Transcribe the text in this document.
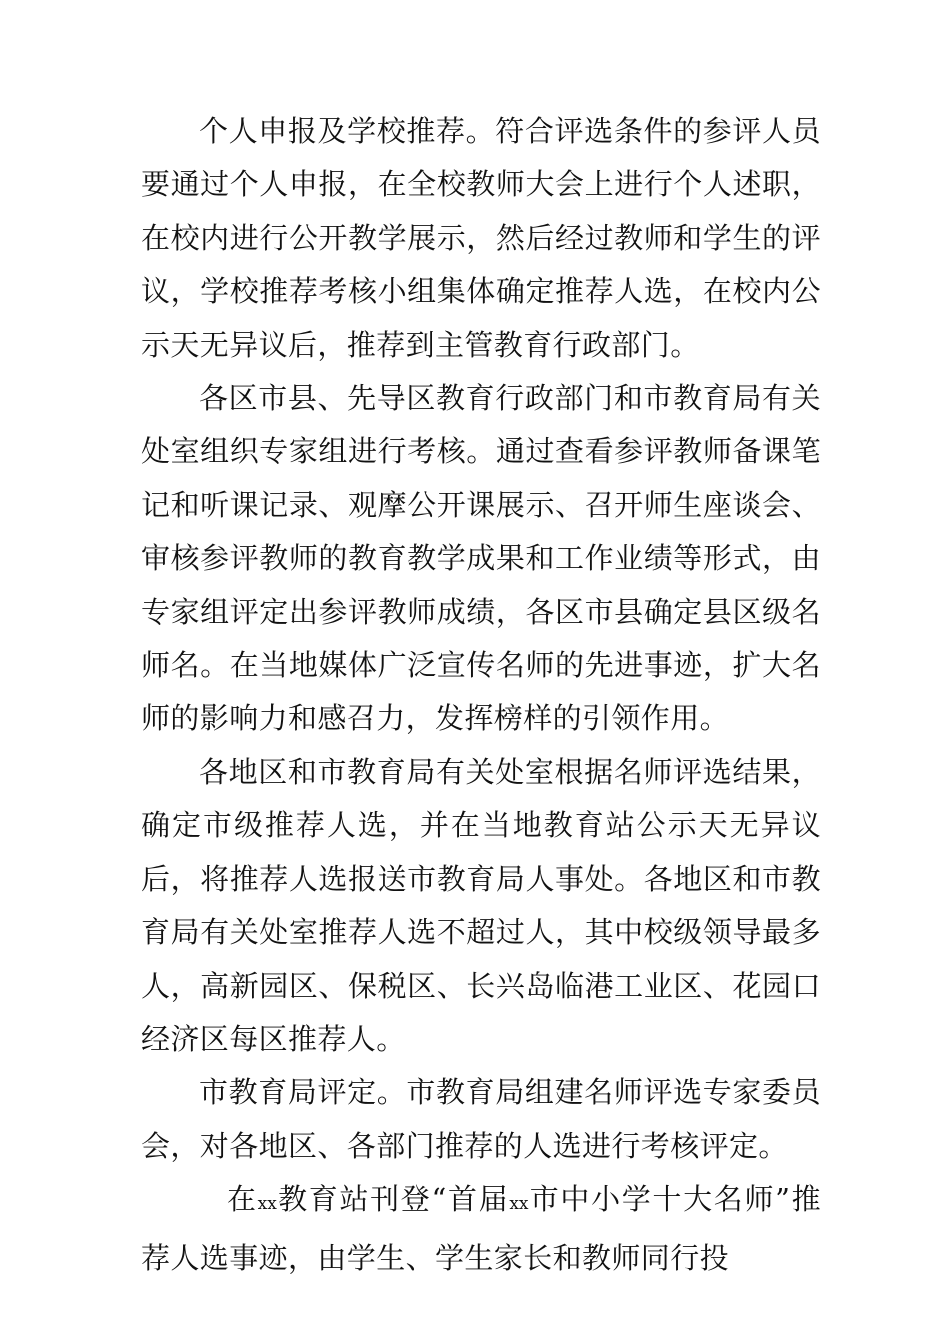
个人申报及学校推荐。符合评选条件的参评人员要通过个人申报，在全校教师大会上进行个人述职，在校内进行公开教学展示，然后经过教师和学生的评议，学校推荐考核小组集体确定推荐人选，在校内公示天无异议后，推荐到主管教育行政部门。

各区市县、先导区教育行政部门和市教育局有关处室组织专家组进行考核。通过查看参评教师备课笔记和听课记录、观摩公开课展示、召开师生座谈会、审核参评教师的教育教学成果和工作业绩等形式，由专家组评定出参评教师成绩，各区市县确定县区级名师名。在当地媒体广泛宣传名师的先进事迹，扩大名师的影响力和感召力，发挥榜样的引领作用。

各地区和市教育局有关处室根据名师评选结果，确定市级推荐人选，并在当地教育站公示天无异议后，将推荐人选报送市教育局人事处。各地区和市教育局有关处室推荐人选不超过人，其中校级领导最多人，高新园区、保税区、长兴岛临港工业区、花园口经济区每区推荐人。

市教育局评定。市教育局组建名师评选专家委员会，对各地区、各部门推荐的人选进行考核评定。

在xx教育站刊登“首届xx市中小学十大名师”推荐人选事迹，由学生、学生家长和教师同行投
